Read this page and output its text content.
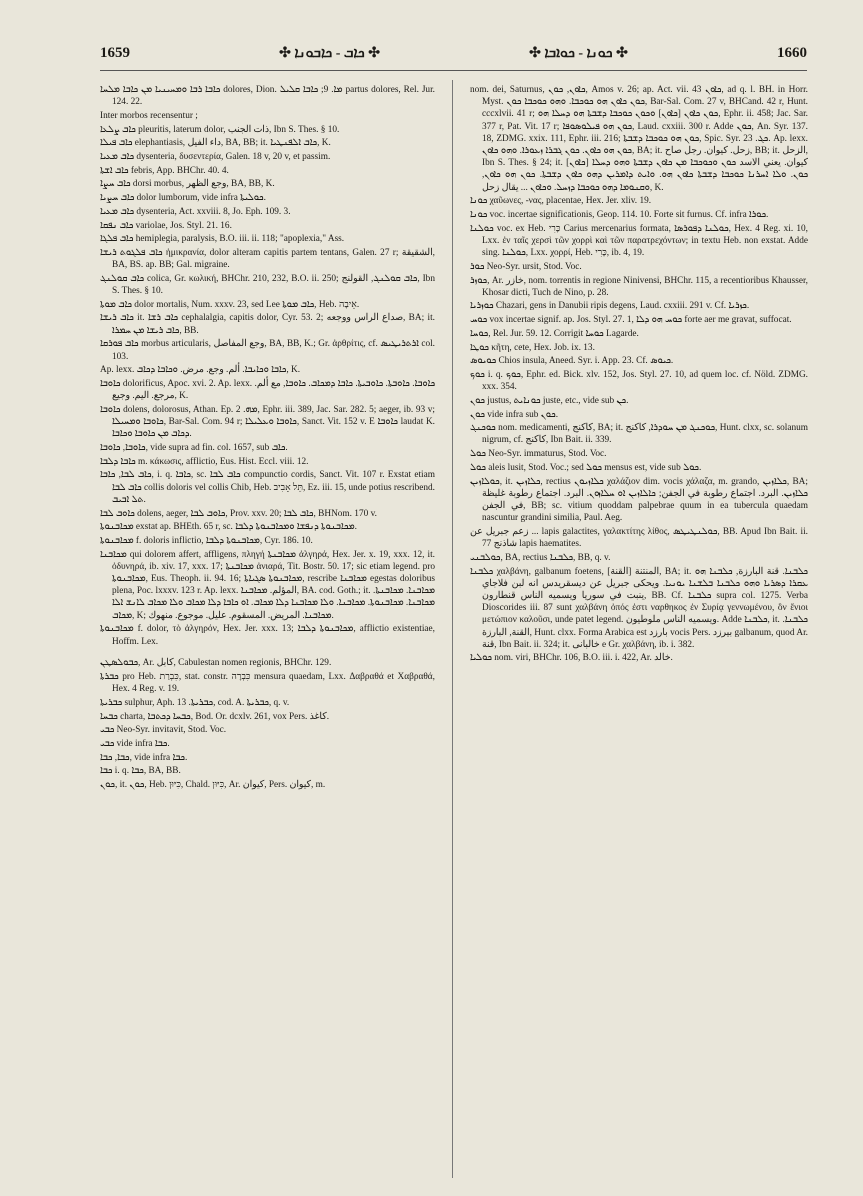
1659	✣ ܟܐܒ - ܟܐܒܘܢܐ ✣	✣ ܟܘܢܐ - ܟܘܐܒܐ ✣	1660

ܟܐܒܐ ܪܒܐ ܘܡܚܝܢܝܐ ܡܢ ܟܐܒܐ ܡܠܚܐ dolores, Dion. ܡܐ. 9; ܟܐܒܐ ܩܠܝܠ partus dolores, Rel. Jur. 124. 22.

Inter morbos recensentur ;

ܟܐܒ ܨܠܥܐ pleuritis, laterum dolor, ذات الجنب, Ibn S. Thes. § 10.

ܟܐܒ ܦܝܠܐ elephantiasis, داء الفيل, BA, BB; it. ܟܐܒ ܐܠܦܢܛܝܐ, K.

ܟܐܒ ܡܥܝܐ dysenteria, δυσεντερία, Galen. 18 v, 20 v, et passim.

ܟܐܒ ܐܫܬܐ febris, App. BHChr. 40. 4.

ܟܐܒ ܚܨܐ dorsi morbus, وجع الظهر, BA, BB, K.

ܟܐܒ ܚܨܝܐ dolor lumborum, vide infra ܟܘܠܝܬܐ.

ܟܐܒ ܡܥܝܐ dysenteria, Act. xxviii. 8, Jo. Eph. 109. 3.

ܟܐܒ ܢܦܩܐ variolae, Jos. Styl. 21. 16.

ܟܐܒ ܦܠܓܐ hemiplegia, paralysis, B.O. iii. ii. 118; "apoplexia," Ass.

ܟܐܒ ܦܠܓܘܬ ܪܝܫܐ ἡμικρανία, dolor alteram capitis partem tentans, Galen. 27 r; الشقيقة, BA, BS. ap. BB; Gal. migraine.

ܟܐܒ ܩܘܠܢܓ colica, Gr. κωλική, BHChr. 210, 232, B.O. ii. 250; ܟܐܒ ܩܘܠܢܓ, القولنج, Ibn S. Thes. § 10.

ܟܐܒ ܡܘܬܐ dolor mortalis, Num. xxxv. 23, sed Lee ܟܐܒ ܡܘܬܐ, Heb. אֵיבָה.

ܟܐܒ ܪܝܫܐ it. ܟܐܒ ܪܫܐ cephalalgia, capitis dolor, Cyr. 53. 2; صداع الراس ووجعه, BA; it. ܟܐܒ ܪܝܫܐ ܡܢ ܚܡܪܐ, BB.

ܟܐܒ ܦܘܪܩܐ morbus articularis, وجع المفاصل, BA, BB, K.; Gr. ἀρθρίτις, cf. ܐܪܬܪܝܛܝܣ col. 103.

Ap. lexx. ܟܐܒܐ ܘܟܐܝܒܐ. ألم. وجع. مرض. ܘܟܐܒܐ ܕܟܐܒ, K.

ܟܐܘܒܐ dolorificus, Apoc. xvi. 2. Ap. lexx. ܟܐܘܒܐ. ܟܐܘܒܬܐ. ܟܐܘܒܝܬܐ. ܟܐܒܐ ܕܡܟܐܒ. ܟܐܘܒܐ, مع ألم. مرجع. اليم. وجيع, K.

ܟܐܘܒܐ dolens, dolorosus, Athan. Ep. ܡܗ. 2, Ephr. iii. 389, Jac. Sar. 282. 5; aeger, ib. 93 v; ܟܐܘܒܐ ܘܡܚܝܠܐ, Bar-Sal. Com. 94 r; ܟܐܘܒܐ ܘܥܠܝܠܐ, Sanct. Vit. 152 v. E ܟܐܘܒܐ laudat K. ܕܟܐܒ ܡܢ ܟܐܘܒܐ ܘܟܐܒܐ.

ܟܐܘܒܐ, ܟܐܘܒܐ, vide supra ad fin. col. 1657, sub ܟܐܒ.

ܟܐܒܐ ܕܠܒܐ m. κάκωσις, afflictio, Eus. Hist. Eccl. viii. 12.

ܟܐܒ ܠܒܐ, ܟܐܒܐ, i. q. ܟܐܒܐ, sc. ܟܐܒ ܠܒܐ compunctio cordis, Sanct. Vit. 107 r. Exstat etiam ܟܐܒ ܠܒܐ collis doloris vel collis Chib, Heb. תֵּל אָבִיב, Ez. iii. 15, unde potius rescribend. ܬܠ ܐܒܝܒ.

ܟܐܘܒ ܠܒܐ dolens, aeger, ܟܐܘܒ ܠܒܐ, Prov. xxv. 20; ܟܐܒ ܠܒܐ, BHNom. 170 v.

ܡܟܐܒܢܘܬܐ exstat ap. BHEth. 65 r, sc. ܡܟܐܒܢܘܬܐ ܕܢܦܫܐ ܘܡܟܐܒܢܘܬܐ ܕܠܒܐ.

ܡܟܐܒܢܘܬܐ f. doloris inflictio, ܡܟܐܒܢܘܬܐ ܕܠܒܐ, Cyr. 186. 10.

ܡܟܐܒܢܐ qui dolorem affert, affligens, πληγή ܡܟܐܒܢܬܐ ἀλγηρά, Hex. Jer. x. 19, xxx. 12, it. ὀδυνηρά, ib. xiv. 17, xxx. 17; ܡܟܐܒܢܬܐ ἀνιαρά, Tit. Bostr. 50. 17; sic etiam legend. pro ܡܟܐܒܢܘܬܐ, Eus. Theoph. ii. 94. 16; ܡܟܐܒܢܘܬܐ ܣܓܝܐܬܐ, rescribe ܡܟܐܒܢܐ egestas doloribus plena, Poc. lxxxv. 123 r. Ap. lexx. المؤلم. ܡܟܐܒܢܐ, BA. cod. Goth.; it. ܡܟܐܒܢܐ. ܡܟܐܒܢܬܐ. ܡܟܐܒܢܐ. ܡܟܐܒܢܘܬܐ. ܡܟܐܒܢܐ. ܘܠܐ ܡܟܐܒܢܐ ܕܠܐ ܡܟܐܒ. ܐܘ ܟܐܒܐ ܕܠܐ ܡܟܐܒ ܘܠܐ ܡܟܐܒ ܠܐܢܫ ܐܠܐ ܡܟܐܒ, K; ܡܟܐܒܢܐ. المريض. المسقوم. عليل. موجوع. منهوك.

ܡܟܐܒܢܘܬܐ f. dolor, τὸ ἀλγηρόν, Hex. Jer. xxx. 13; ܡܟܐܒܢܘܬܐ ܕܠܒܐ, afflictio existentiae, Hoffm. Lex.

ܟܒܘܠܣܛܢ, Ar. كابل, Cabulestan nomen regionis, BHChr. 129.

ܟܒܪܬܐ pro Heb. כִּבְרַת, stat. constr. כִּבְרָה mensura quaedam, Lxx. Δαβραθά et Χαβραθά, Hex. 4 Reg. v. 19.

ܟܒܪܝܬܐ sulphur, Aph. ܟܒܪܝܬܐ. 13, cod. A. ܟܒܪܝܬܐ, q. v.

ܟܒܚܐ charta, ܟܒܚܐ ܕܟܬܒܐ, Bod. Or. dcxlv. 261, vox Pers. كاغذ.

ܟܒܝ Neo-Syr. invitavit, Stod. Voc.

ܟܒܝ vide infra ܟܒܐ.

ܟܒܐ, ܟܒܐ, vide infra ܟܒܐ.

ܟܒܐ i. q. ܟܒܐ, BA, BB.

ܟܘܢ, it. ܟܘܢ, Heb. כִּיּוּן, Chald. כִּיּוּן, Ar. كيوان, Pers. كيوان, m.

nom. dei, Saturnus, ܟܐܘܢ, ܟܘܢ, Amos v. 26; ap. Act. vii. 43 ܟܐܘܢ, ad q. l. BH. in Horr. Myst. ܟܘܢ ܟܐܘܢ ܗܘ ܟܘܟܒܐ. ܘܗܘ ܟܘܟܒܐ ܟܘܢ, Bar-Sal. Com. 27 v, BHCand. 42 r, Hunt. cccxlvii. 41 r; ܟܘܢ ܟܐܘܢ [ܟܐܘܢ] ܘܟܘܢ ܟܘܟܒܐ ܕܫܒܬܐ ܗܘ ܕܚܠܐ ܗܘ, Ephr. ii. 458; Jac. Sar. 377 r, Pat. Vit. 17 r; ܟܘܢ ܗܘ ܦܝܠܘܣܘܦܐ, Laud. cxxiii. 300 r. Adde ܟܘܢ, An. Syr. 137. 18, ZDMG. xxix. 111, Ephr. iii. 216; ܟܘܢ ܗܘ ܟܘܟܒܐ ܕܫܒܬܐ, Spic. Syr. ܟܓ. 23. Ap. lexx. ܟܘܢ ܗܘ ܟܐܘܢ. ܟܘܢ ܓܒܪܐ ܙܥܘܪܐ. ܘܗܘ ܟܐܘܢ, BA; it. زحل. كيوان. رجل صاح, BB; it. الزحل, Ibn S. Thes. § 24; it. كيوان. يعني الاسد ܟܘܢ ܘܟܘܟܒܐ ܡܢ ܟܐܘܢ ܕܫܒܬܐ ܘܗܘ ܕܚܠܐ [ܟܐܘܢ] ܟܘܢ. ܘܠܐ ܐܚܪܢܐ ܟܘܟܒܐ ܕܫܒܬܐ ܟܐܘܢ ܗܘ. ܘܐܝܬ ܕܐܡܪܝܢ ܕܗܘ ܟܐܘܢ ܕܫܒܬܐ. ܟܘܢ ܗܘ ܟܐܘܢ, ܘܩܢܘܡܐ ܕܗܘ ܟܘܟܒܐ ܕܙܚܠ. ܘܟܐܘܢ ... يقال زحل, K.

ܟܘܢܐ χαῦωνες, -νας, placentae, Hex. Jer. xliv. 19.

ܟܘܢܐ voc. incertae significationis, Geop. 114. 10. Forte sit furnus. Cf. infra ܟܘܪܐ.

ܟܘܠܢܐ voc. ex Heb. כָּרִי Carius mercenarius formata, ܟܘܠܢܐ ܕܦܘܪܣܐ, Hex. 4 Reg. xi. 10, Lxx. ἐν ταῖς χερσὶ τῶν χορρὶ καὶ τῶν παρατρεχόντων; in textu Heb. non exstat. Adde sing. ܟܘܠܢܐ, Lxx. χορρί, Heb. כָּרִי, ib. 4, 19.

ܟܘܪ Neo-Syr. ursit, Stod. Voc.

ܟܘܙܪ, Ar. خازر, nom. torrentis in regione Ninivensi, BHChr. 115, a recentioribus Khausser, Khosar dicti, Tuch de Nino, p. 28.

ܟܘܙܪܝܐ Chazari, gens in Danubii ripis degens, Laud. cxxiii. 291 v. Cf. ܟܙܪܝܐ.

ܟܘܚ vox incertae signif. ap. Jos. Styl. 27. 1, ܟܘܚ ܗܘ ܕܠܐ forte aer me gravat, suffocat.

ܟܘܚܐ, Rel. Jur. 59. 12. Corrigit ܟܘܚܐ Lagarde.

ܟܘܛܐ κῆτη, cete, Hex. Job. ix. 13.

ܟܘܝܘܣ Chios insula, Aneed. Syr. i. App. 23. Cf. ܟܝܘܣ.

ܟܘܟ i. q. ܟܘܟ, Ephr. ed. Bick. xlv. 152, Jos. Styl. 27. 10, ad quem loc. cf. Nöld. ZDMG. xxx. 354.

ܟܘܢ justus, ܟܘܢܐܝܬ juste, etc., vide sub ܟܢ.

ܟܘܢ vide infra sub ܟܘܢ.

ܟܘܟܢܓ nom. medicamenti, كاكنج, BA; it. ܟܘܟܢܓ ܡܢ ܚܘܕܪܐ, كاكنج, Hunt. clxx, sc. solanum nigrum, cf. كاكنج, Ibn Bait. ii. 339.

ܟܘܠ Neo-Syr. immaturus, Stod. Voc.

ܟܘܠ aleis lusit, Stod. Voc.; sed ܟܘܠ mensus est, vide sub ܟܘܠ.

ܟܘܠܐܙܝܢ, it. ܟܠܐܙܝܢ, rectius ܟܠܐܙܝܘܢ χαλάζιον dim. vocis χάλαζα, m. grando, ܟܠܐܙܝܢ, BA; ܟܠܐܙܝܢ. البرد. اجتماع رطوبة في الجفن; ܟܐܠܐܙܝܢ ܐܘ ܚܠܐܙܘܢ. البرد. اجتماع رطوبة غليظة في الجفن, BB; sc. vitium quoddam palpebrae quum in ea tubercula quaedam nascuntur grandini similia, Paul. Aeg.

زعم جبريل عن ... lapis galactites, γαλακτίτης λίθος, ܟܘܠܢܛܝܛܣ, BB. Apud Ibn Bait. ii. 77 شاذنج lapis haematites.

ܟܘܠܒܢܝ, BA, rectius ܟܠܒܢܐ, BB, q. v.

ܟܠܒܢܐ χαλβάνη, galbanum foetens, المنتنة [القنة], BA; it. ܟܠܒܢܐ. قنة البارزة, ܟܠܒܢܐ ܗܘ ܥܩܪܐ ܕܣܪܝܐ ܘܗܘ ܟܠܒܢܐ ܒܠܫܢܐ ܝܘܢܝܐ. ويحكى جبريل عن ديسقريدس انه لبن فلاجاي ينبت في سوريا ويسميه الناس قنطارون, BB. Cf. ܟܠܒܢܐ supra col. 1275. Verba Dioscorides iii. 87 sunt χαλβάνη ὀπός ἐστι ναρθηκος ἐν Συρίᾳ γεννωμένου, ὃν ἔνιοι μετώπιον καλοῦσι, unde patet legend. ويسميه الناس ملوطيون. Adde ܟܠܒܢܐ, it. ܟܠܒܢܐ. القنة, البارزة, Hunt. clxx. Forma Arabica est بارزد vocis Pers. بيرزد galbanum, quod Ar. قنة, Ibn Bait. ii. 324; it. خالبانى e Gr. χαλβάνη, ib. i. 382.

ܟܘܠܝܐ nom. viri, BHChr. 106, B.O. iii. i. 422, Ar. خالد.
